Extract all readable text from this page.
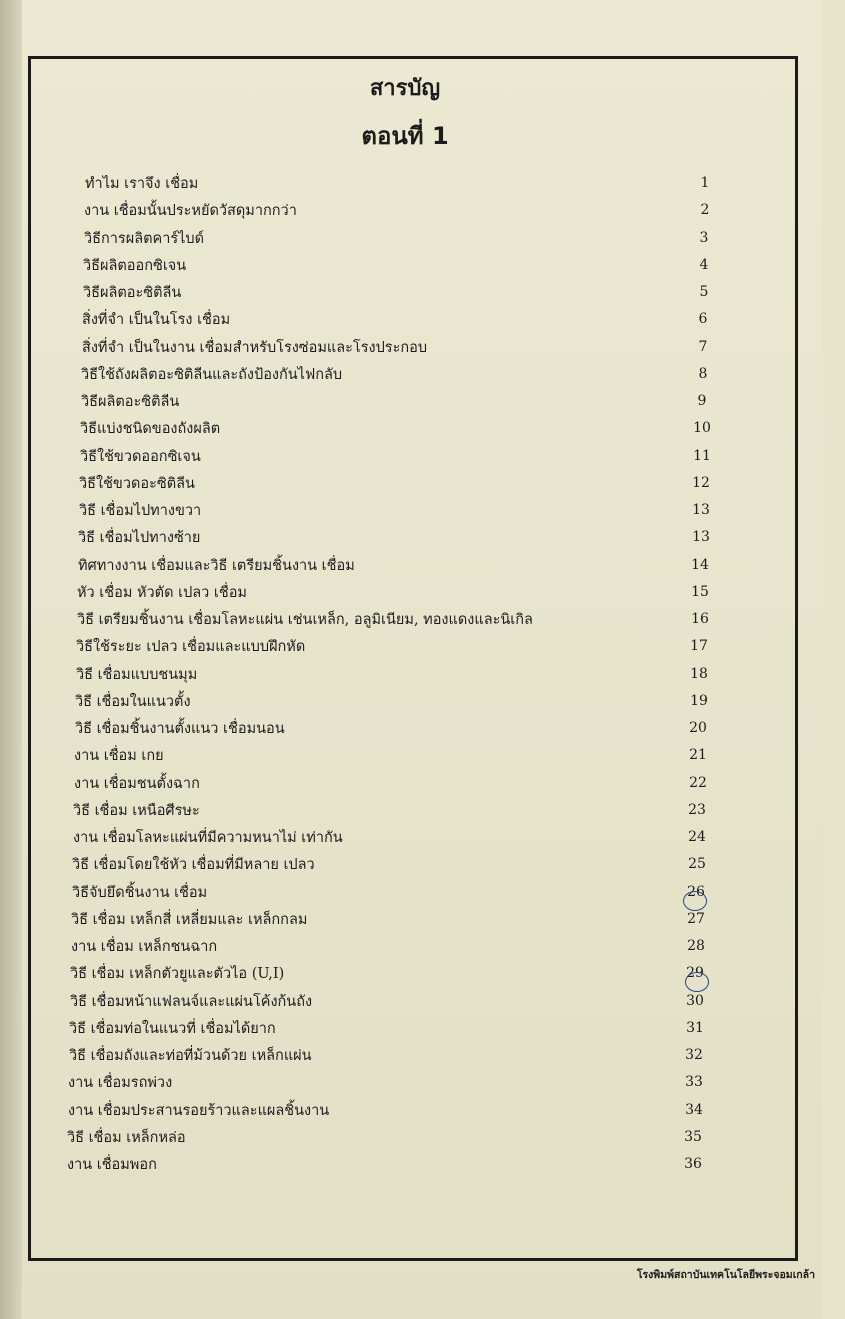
สารบัญ
ตอนที่ 1
ทำไม เราจึง เชื่อม	1
งาน เชื่อมนั้นประหยัดวัสดุมากกว่า	2
วิธีการผลิตคาร์ไบด์	3
วิธีผลิตออกซิเจน	4
วิธีผลิตอะซิติลีน	5
สิ่งที่จำ เป็นในโรง เชื่อม	6
สิ่งที่จำ เป็นในงาน เชื่อมสำหรับโรงซ่อมและโรงประกอบ	7
วิธีใช้ถังผลิตอะซิติลีนและถังป้องกันไฟกลับ	8
วิธีผลิตอะซิติลีน	9
วิธีแบ่งชนิดของถังผลิต	10
วิธีใช้ขวดออกซิเจน	11
วิธีใช้ขวดอะซิติลีน	12
วิธี เชื่อมไปทางขวา	13
วิธี เชื่อมไปทางซ้าย	13
ทิศทางงาน เชื่อมและวิธี เตรียมชิ้นงาน เชื่อม	14
หัว เชื่อม หัวตัด เปลว เชื่อม	15
วิธี เตรียมชิ้นงาน เชื่อมโลหะแผ่น เช่นเหล็ก, อลูมิเนียม, ทองแดงและนิเกิล	16
วิธีใช้ระยะ เปลว เชื่อมและแบบฝึกหัด	17
วิธี เชื่อมแบบชนมุม	18
วิธี เชื่อมในแนวตั้ง	19
วิธี เชื่อมชิ้นงานตั้งแนว เชื่อมนอน	20
งาน เชื่อม เกย	21
งาน เชื่อมชนตั้งฉาก	22
วิธี เชื่อม เหนือศีรษะ	23
งาน เชื่อมโลหะแผ่นที่มีความหนาไม่ เท่ากัน	24
วิธี เชื่อมโดยใช้หัว เชื่อมที่มีหลาย เปลว	25
วิธีจับยึดชิ้นงาน เชื่อม	26
วิธี เชื่อม เหล็กสี่ เหลี่ยมและ เหล็กกลม	27
งาน เชื่อม เหล็กชนฉาก	28
วิธี เชื่อม เหล็กตัวยูและตัวไอ (U,I)	29
วิธี เชื่อมหน้าแฟลนจ์และแผ่นโค้งก้นถัง	30
วิธี เชื่อมท่อในแนวที่ เชื่อมได้ยาก	31
วิธี เชื่อมถังและท่อที่ม้วนด้วย เหล็กแผ่น	32
งาน เชื่อมรถพ่วง	33
งาน เชื่อมประสานรอยร้าวและแผลชิ้นงาน	34
วิธี เชื่อม เหล็กหล่อ	35
งาน เชื่อมพอก	36
โรงพิมพ์สถาบันเทคโนโลยีพระจอมเกล้า
